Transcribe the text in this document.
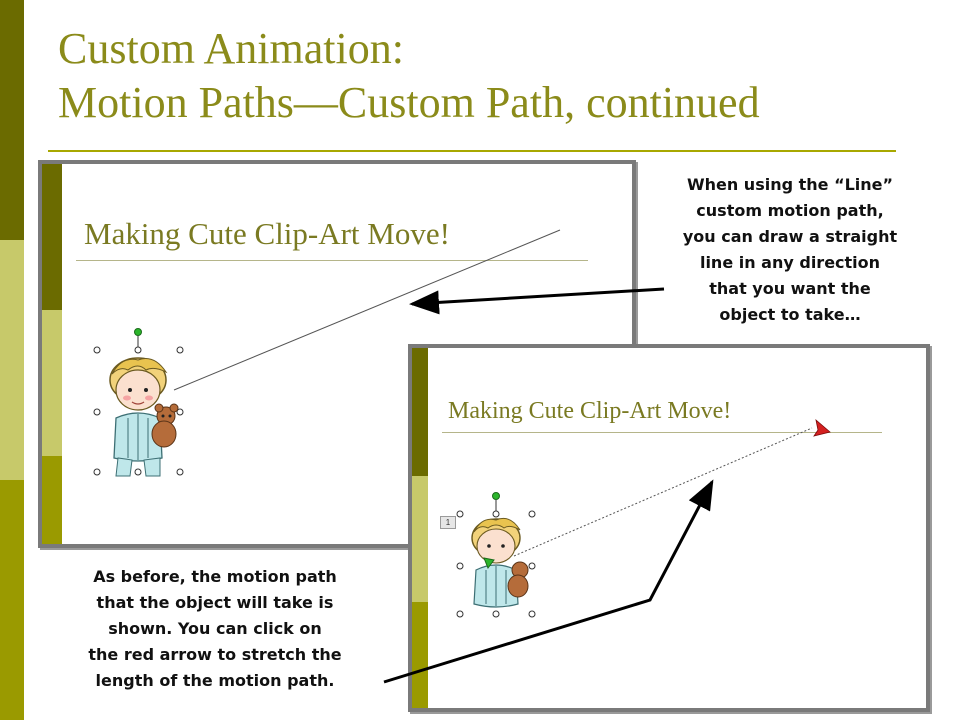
Custom Animation:
Motion Paths—Custom Path, continued
Making Cute Clip-Art Move!
Making Cute Clip-Art Move!
1
When using the “Line”
custom motion path,
you can draw a straight
line in any direction
that you want the
object to take…
As before, the motion path
that the object will take is
shown. You can click on
the red arrow to stretch the
length of the motion path.
